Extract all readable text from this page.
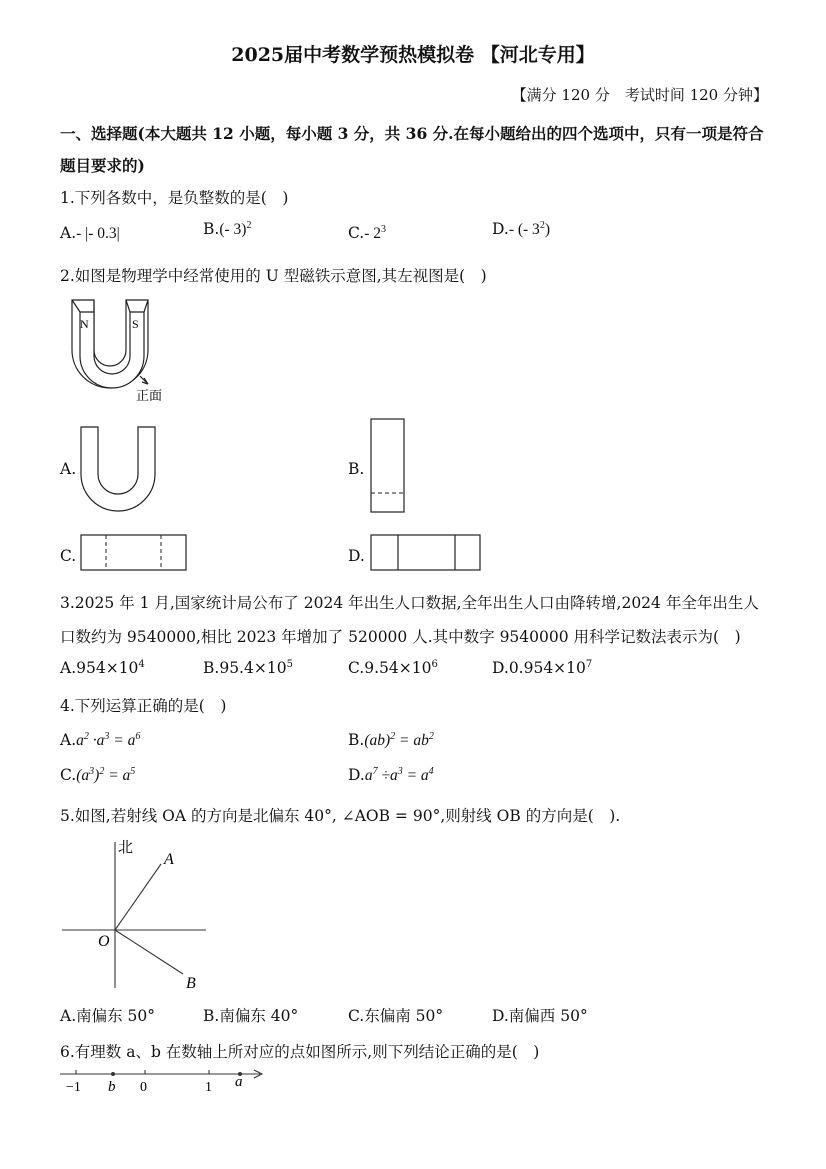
2025届中考数学预热模拟卷 【河北专用】
【满分 120 分　考试时间 120 分钟】
一、选择题(本大题共 12 小题，每小题 3 分，共 36 分.在每小题给出的四个选项中，只有一项是符合题目要求的)
1.下列各数中，是负整数的是(　)
A.- |- 0.3|	B.(- 3)$^2$	C.- $2^3$	D.- (- $3^2$)
2.如图是物理学中经常使用的 U 型磁铁示意图,其左视图是(　)
N	S
正面
A.	B.
C.	D.
3.2025 年 1 月,国家统计局公布了 2024 年出生人口数据,全年出生人口由降转增,2024 年全年出生人
口数约为 9540000,相比 2023 年增加了 520000 人.其中数字 9540000 用科学记数法表示为(　)
$A.954\times 10^4$	$B.95.4\times 10^5$	$C.9.54\times 10^6$	$D.0.954\times 10^7$
4.下列运算正确的是(　)
$A.a^2 \cdot a^3 = a^6$	$B.(ab)^2 = ab^2$
$C.(a^3)^2 = a^5$	$D.a^7 \div a^3 = a^4$
5.如图,若射线 OA 的方向是北偏东 40°, ∠AOB = 90°,则射线 OB 的方向是(　).
北
A
O
B
A.南偏东 50°	B.南偏东 40°	C.东偏南 50°	D.南偏西 50°
6.有理数 a、b 在数轴上所对应的点如图所示,则下列结论正确的是(　)
−1 b 0	1 a
